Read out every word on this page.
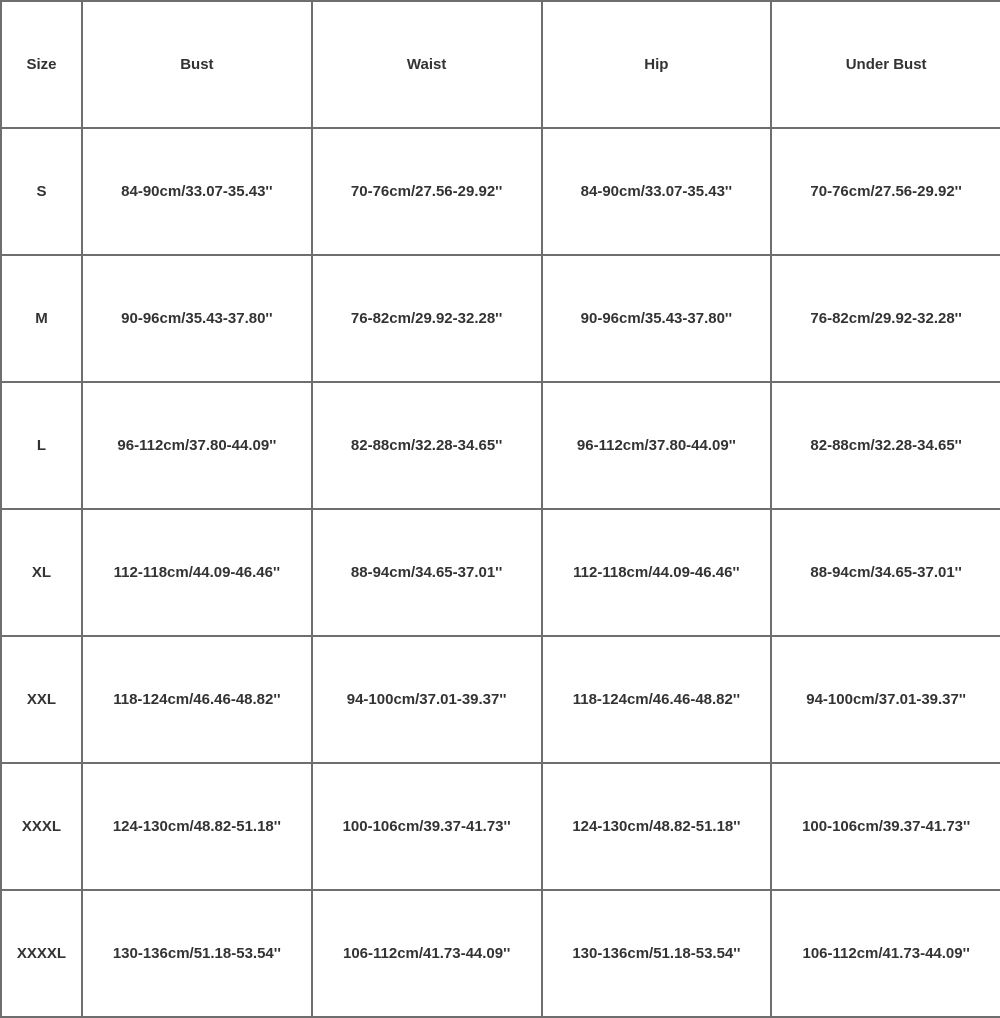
Size	Bust	Waist	Hip	Under Bust
S	84-90cm/33.07-35.43''	70-76cm/27.56-29.92''	84-90cm/33.07-35.43''	70-76cm/27.56-29.92''
M	90-96cm/35.43-37.80''	76-82cm/29.92-32.28''	90-96cm/35.43-37.80''	76-82cm/29.92-32.28''
L	96-112cm/37.80-44.09''	82-88cm/32.28-34.65''	96-112cm/37.80-44.09''	82-88cm/32.28-34.65''
XL	112-118cm/44.09-46.46''	88-94cm/34.65-37.01''	112-118cm/44.09-46.46''	88-94cm/34.65-37.01''
XXL	118-124cm/46.46-48.82''	94-100cm/37.01-39.37''	118-124cm/46.46-48.82''	94-100cm/37.01-39.37''
XXXL	124-130cm/48.82-51.18''	100-106cm/39.37-41.73''	124-130cm/48.82-51.18''	100-106cm/39.37-41.73''
XXXXL	130-136cm/51.18-53.54''	106-112cm/41.73-44.09''	130-136cm/51.18-53.54''	106-112cm/41.73-44.09''
